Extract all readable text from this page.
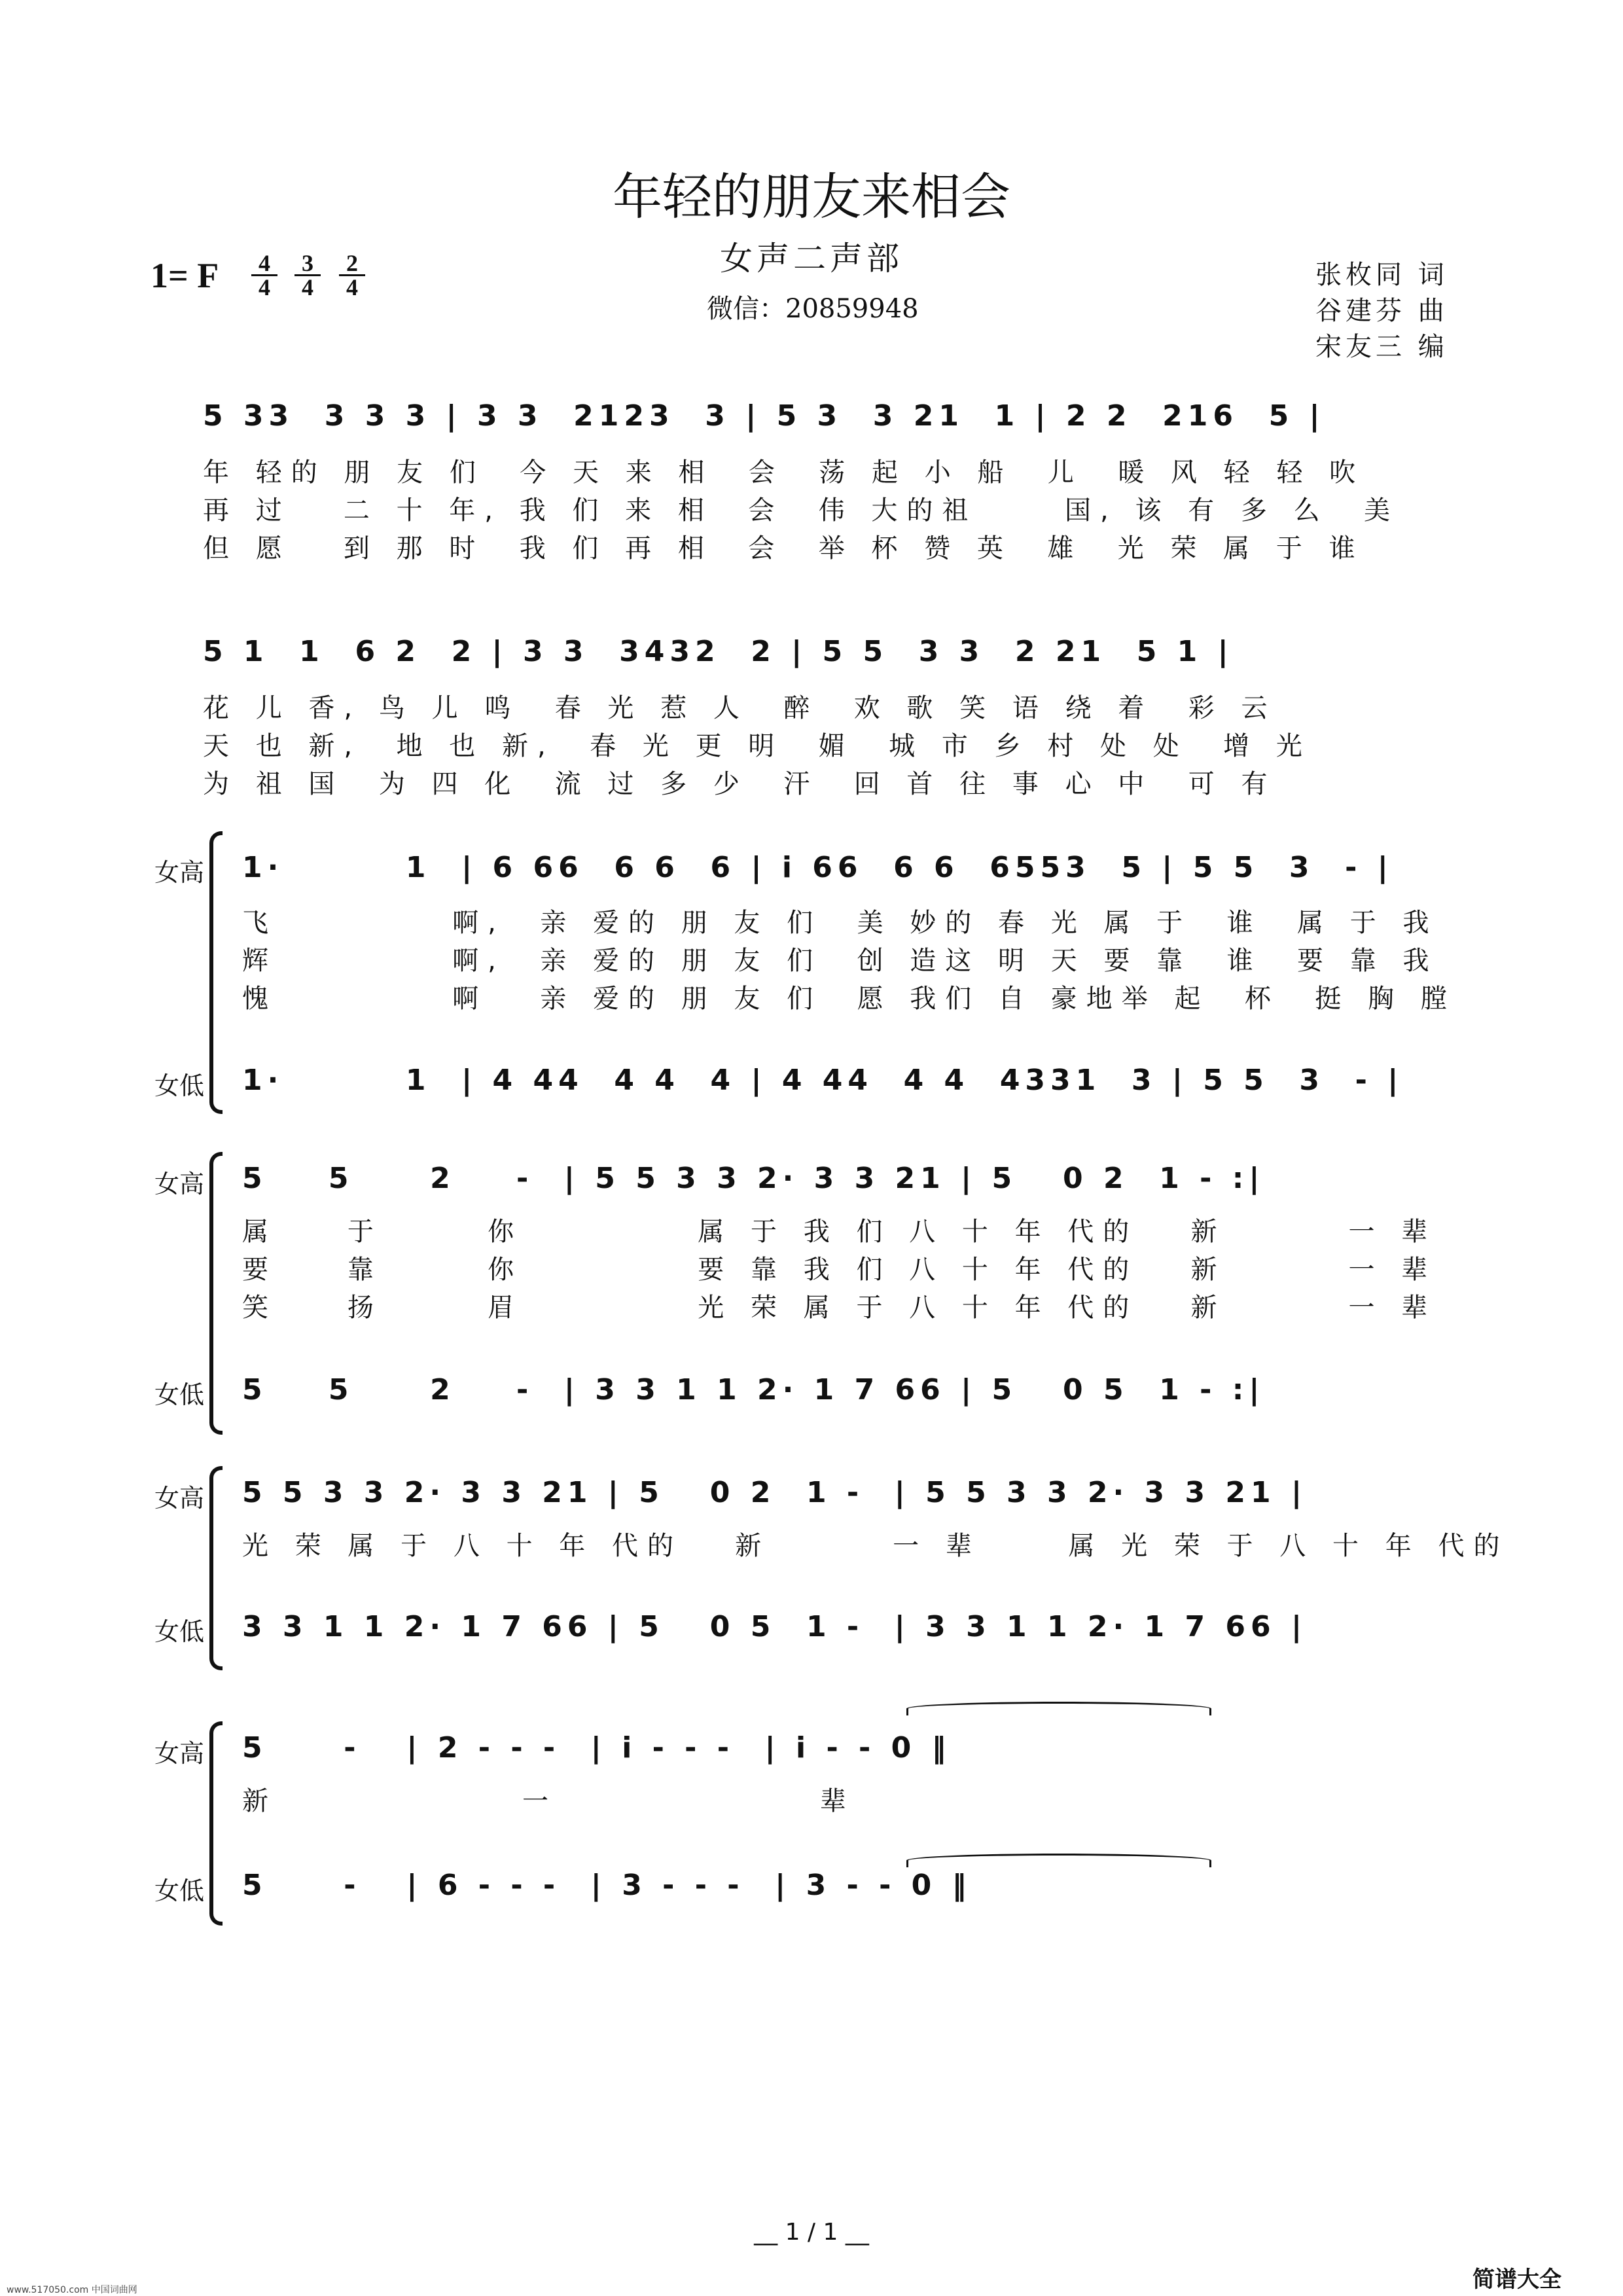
年轻的朋友来相会
女声二声部
微信：20859948
1= F $\frac{4}{4} \frac{3}{4} \frac{2}{4}$	张枚同 词
谷建芬 曲
宋友三 编
5 33  3 3 3 | 3 3  2123  3 | 5 3  3 21  1 | 2 2  216  5 |
年 轻的 朋 友 们  今 天 来 相  会  荡 起 小 船  儿  暖 风 轻 轻 吹
再 过   二 十 年, 我 们 来 相  会  伟 大的祖     国, 该 有 多 么  美
但 愿   到 那 时  我 们 再 相  会  举 杯 赞 英  雄  光 荣 属 于 谁
5 1  1  6 2  2 | 3 3  3432  2 | 5 5  3 3  2 21  5 1 |
花 儿 香, 鸟 儿 鸣  春 光 惹 人  醉  欢 歌 笑 语 绕 着  彩 云
天 也 新,  地 也 新,  春 光 更 明  媚  城 市 乡 村 处 处  增 光
为 祖 国  为 四 化  流 过 多 少  汗  回 首 往 事 心 中  可 有
女高
女低
1·        1  | 6 66  6 6  6 | i 66  6 6  6553  5 | 5 5  3  - |
飞          啊,  亲 爱的 朋 友 们  美 妙的 春 光 属 于  谁  属 于 我
辉          啊,  亲 爱的 朋 友 们  创 造这 明 天 要 靠  谁  要 靠 我
愧          啊   亲 爱的 朋 友 们  愿 我们 自 豪地举 起  杯  挺 胸 膛
1·        1  | 4 44  4 4  4 | 4 44  4 4  4331  3 | 5 5  3  - |
女高
女低
5    5     2    -  | 5 5 3 3 2· 3 3 21 | 5   0 2  1 - :|
属    于      你          属 于 我 们 八 十 年 代的   新       一 辈
要    靠      你          要 靠 我 们 八 十 年 代的   新       一 辈
笑    扬      眉          光 荣 属 于 八 十 年 代的   新       一 辈
5    5     2    -  | 3 3 1 1 2· 1 7 66 | 5   0 5  1 - :|
女高
女低
5 5 3 3 2· 3 3 21 | 5   0 2  1 -  | 5 5 3 3 2· 3 3 21 |
光 荣 属 于 八 十 年 代的   新       一 辈     属 光 荣 于 八 十 年 代的
3 3 1 1 2· 1 7 66 | 5   0 5  1 -  | 3 3 1 1 2· 1 7 66 |
女高
女低
5     -   | 2 - - -  | i - - -  | i - - 0 ‖
新              一               辈
5     -   | 6 - - -  | 3 - - -  | 3 - - 0 ‖
__ 1 / 1 __
简谱大全
www.517050.com 中国词曲网
